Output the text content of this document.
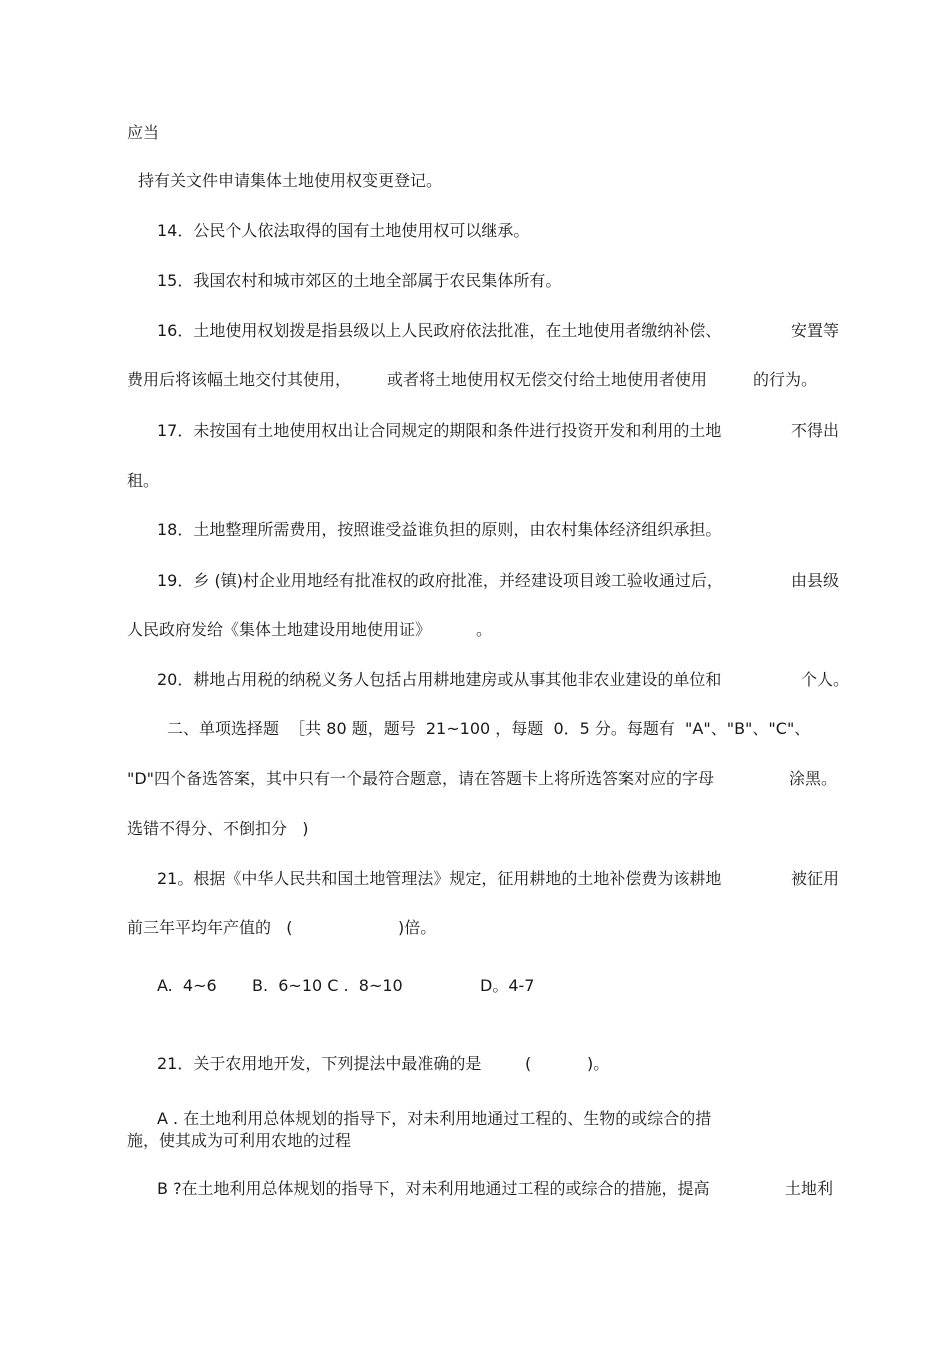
应当

持有关文件申请集体土地使用权变更登记。

14．公民个人依法取得的国有土地使用权可以继承。

15．我国农村和城市郊区的土地全部属于农民集体所有。

16．土地使用权划拨是指县级以上人民政府依法批准，在土地使用者缴纳补偿、

	安置等

费用后将该幅土地交付其使用，

或者将土地使用权无偿交付给土地使用者使用

	的行为。

17．未按国有土地使用权出让合同规定的期限和条件进行投资开发和利用的土地

	不得出

租。

18．土地整理所需费用，按照谁受益谁负担的原则，由农村集体经济组织承担。

19．乡 (镇)村企业用地经有批准权的政府批准，并经建设项目竣工验收通过后，

	由县级

人民政府发给《集体土地建设用地使用证》

	。

20．耕地占用税的纳税义务人包括占用耕地建房或从事其他非农业建设的单位和

	个人。

二、单项选择题  ［共 80 题，题号  21~100 ，每题  0．5 分。每题有  "A"、"B"、"C"、

"D"四个备选答案，其中只有一个最符合题意，请在答题卡上将所选答案对应的字母

	涂黑。

选错不得分、不倒扣分   )

21。根据《中华人民共和国土地管理法》规定，征用耕地的土地补偿费为该耕地

	被征用

前三年平均年产值的   (

	)倍。

A.  4~6

B.  6~10 C .  8~10

	D。4-7

21．关于农用地开发，下列提法中最准确的是

	(

	)。

A . 在土地利用总体规划的指导下，对未利用地通过工程的、生物的或综合的措

施，使其成为可利用农地的过程

B ?在土地利用总体规划的指导下，对未利用地通过工程的或综合的措施，提高

	土地利
